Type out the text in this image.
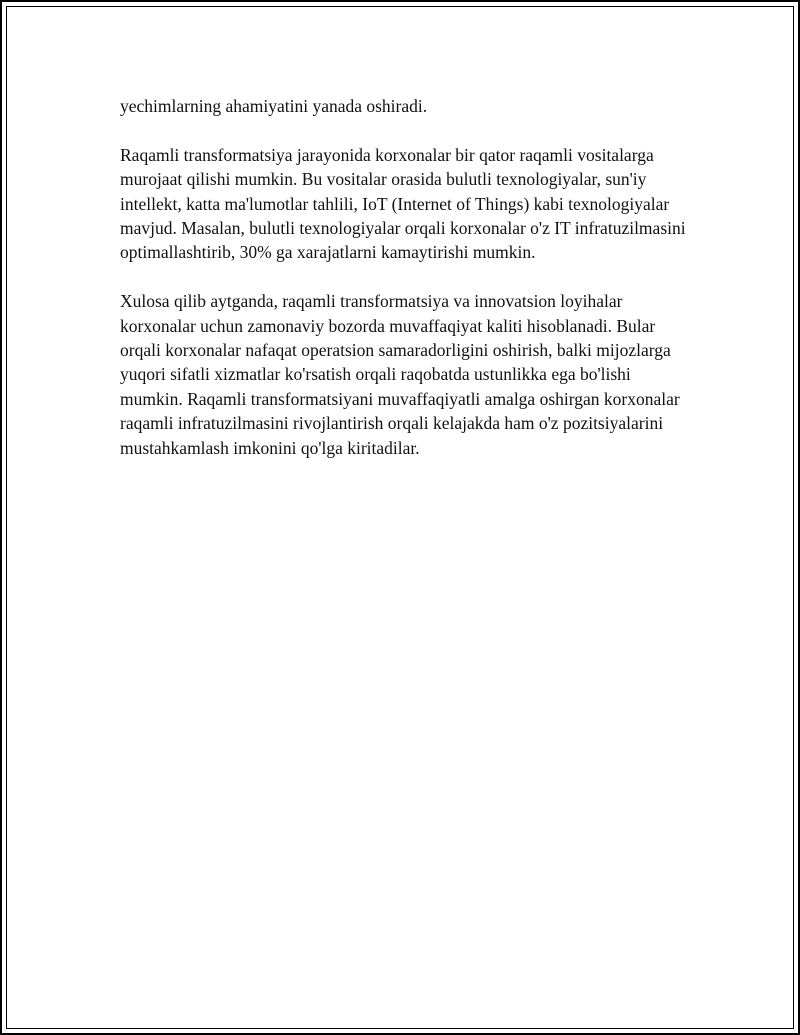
yechimlarning ahamiyatini yanada oshiradi.

Raqamli transformatsiya jarayonida korxonalar bir qator raqamli vositalarga murojaat qilishi mumkin. Bu vositalar orasida bulutli texnologiyalar, sun'iy intellekt, katta ma'lumotlar tahlili, IoT (Internet of Things) kabi texnologiyalar mavjud. Masalan, bulutli texnologiyalar orqali korxonalar o'z IT infratuzilmasini optimallashtirib, 30% ga xarajatlarni kamaytirishi mumkin.

Xulosa qilib aytganda, raqamli transformatsiya va innovatsion loyihalar korxonalar uchun zamonaviy bozorda muvaffaqiyat kaliti hisoblanadi. Bular orqali korxonalar nafaqat operatsion samaradorligini oshirish, balki mijozlarga yuqori sifatli xizmatlar ko'rsatish orqali raqobatda ustunlikka ega bo'lishi mumkin. Raqamli transformatsiyani muvaffaqiyatli amalga oshirgan korxonalar raqamli infratuzilmasini rivojlantirish orqali kelajakda ham o'z pozitsiyalarini mustahkamlash imkonini qo'lga kiritadilar.
